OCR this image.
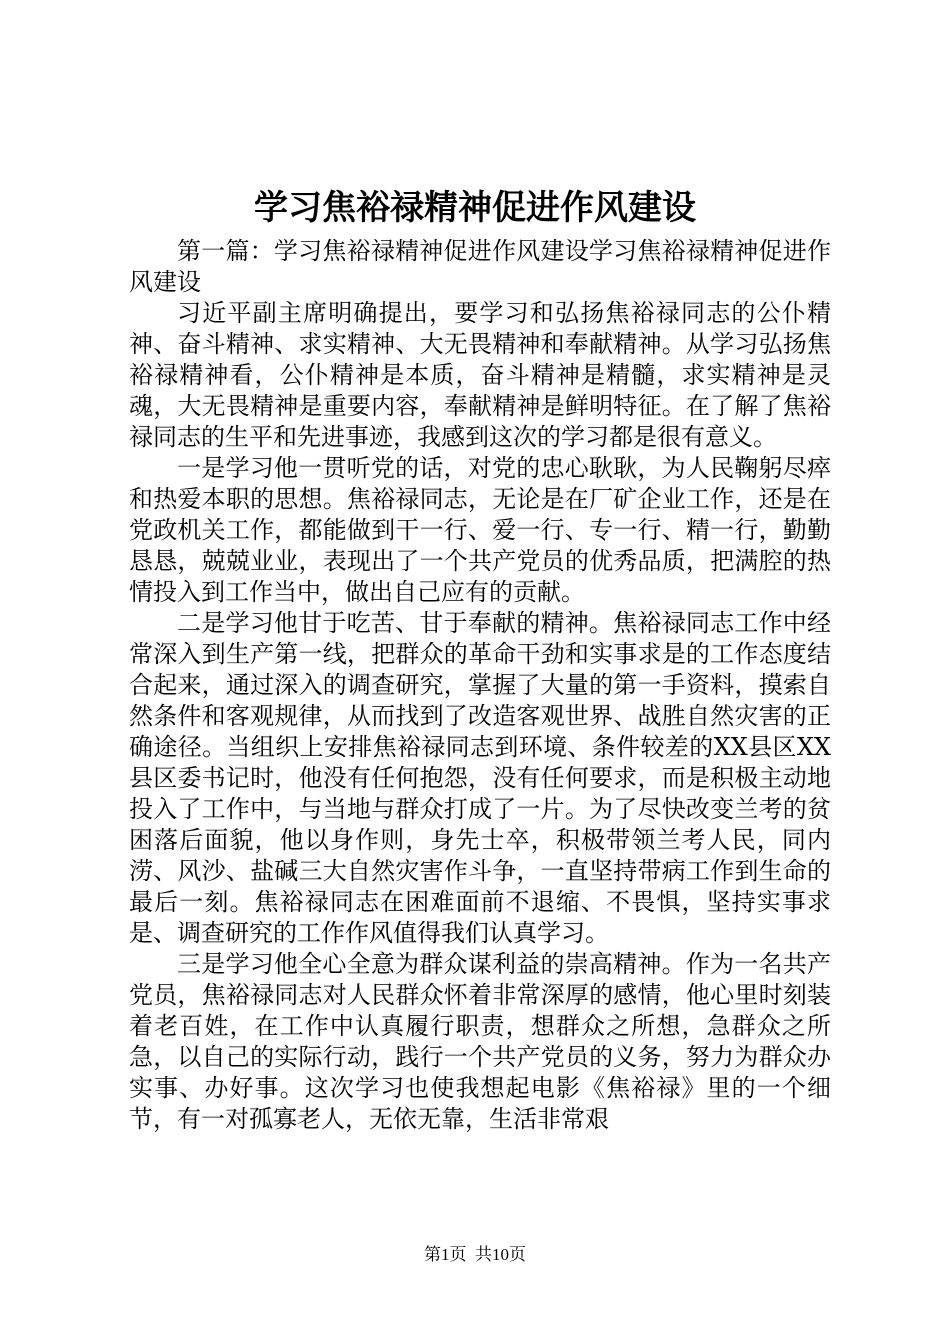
学习焦裕禄精神促进作风建设

第一篇：学习焦裕禄精神促进作风建设学习焦裕禄精神促进作风建设

习近平副主席明确提出，要学习和弘扬焦裕禄同志的公仆精神、奋斗精神、求实精神、大无畏精神和奉献精神。从学习弘扬焦裕禄精神看，公仆精神是本质，奋斗精神是精髓，求实精神是灵魂，大无畏精神是重要内容，奉献精神是鲜明特征。在了解了焦裕禄同志的生平和先进事迹，我感到这次的学习都是很有意义。

一是学习他一贯听党的话，对党的忠心耿耿，为人民鞠躬尽瘁和热爱本职的思想。焦裕禄同志，无论是在厂矿企业工作，还是在党政机关工作，都能做到干一行、爱一行、专一行、精一行，勤勤恳恳，兢兢业业，表现出了一个共产党员的优秀品质，把满腔的热情投入到工作当中，做出自己应有的贡献。

二是学习他甘于吃苦、甘于奉献的精神。焦裕禄同志工作中经常深入到生产第一线，把群众的革命干劲和实事求是的工作态度结合起来，通过深入的调查研究，掌握了大量的第一手资料，摸索自然条件和客观规律，从而找到了改造客观世界、战胜自然灾害的正确途径。当组织上安排焦裕禄同志到环境、条件较差的XX县区XX县区委书记时，他没有任何抱怨，没有任何要求，而是积极主动地投入了工作中，与当地与群众打成了一片。为了尽快改变兰考的贫困落后面貌，他以身作则，身先士卒，积极带领兰考人民，同内涝、风沙、盐碱三大自然灾害作斗争，一直坚持带病工作到生命的最后一刻。焦裕禄同志在困难面前不退缩、不畏惧，坚持实事求是、调查研究的工作作风值得我们认真学习。

三是学习他全心全意为群众谋利益的崇高精神。作为一名共产党员，焦裕禄同志对人民群众怀着非常深厚的感情，他心里时刻装着老百姓，在工作中认真履行职责，想群众之所想，急群众之所急，以自己的实际行动，践行一个共产党员的义务，努力为群众办实事、办好事。这次学习也使我想起电影《焦裕禄》里的一个细节，有一对孤寡老人，无依无靠，生活非常艰

第1页 共10页
